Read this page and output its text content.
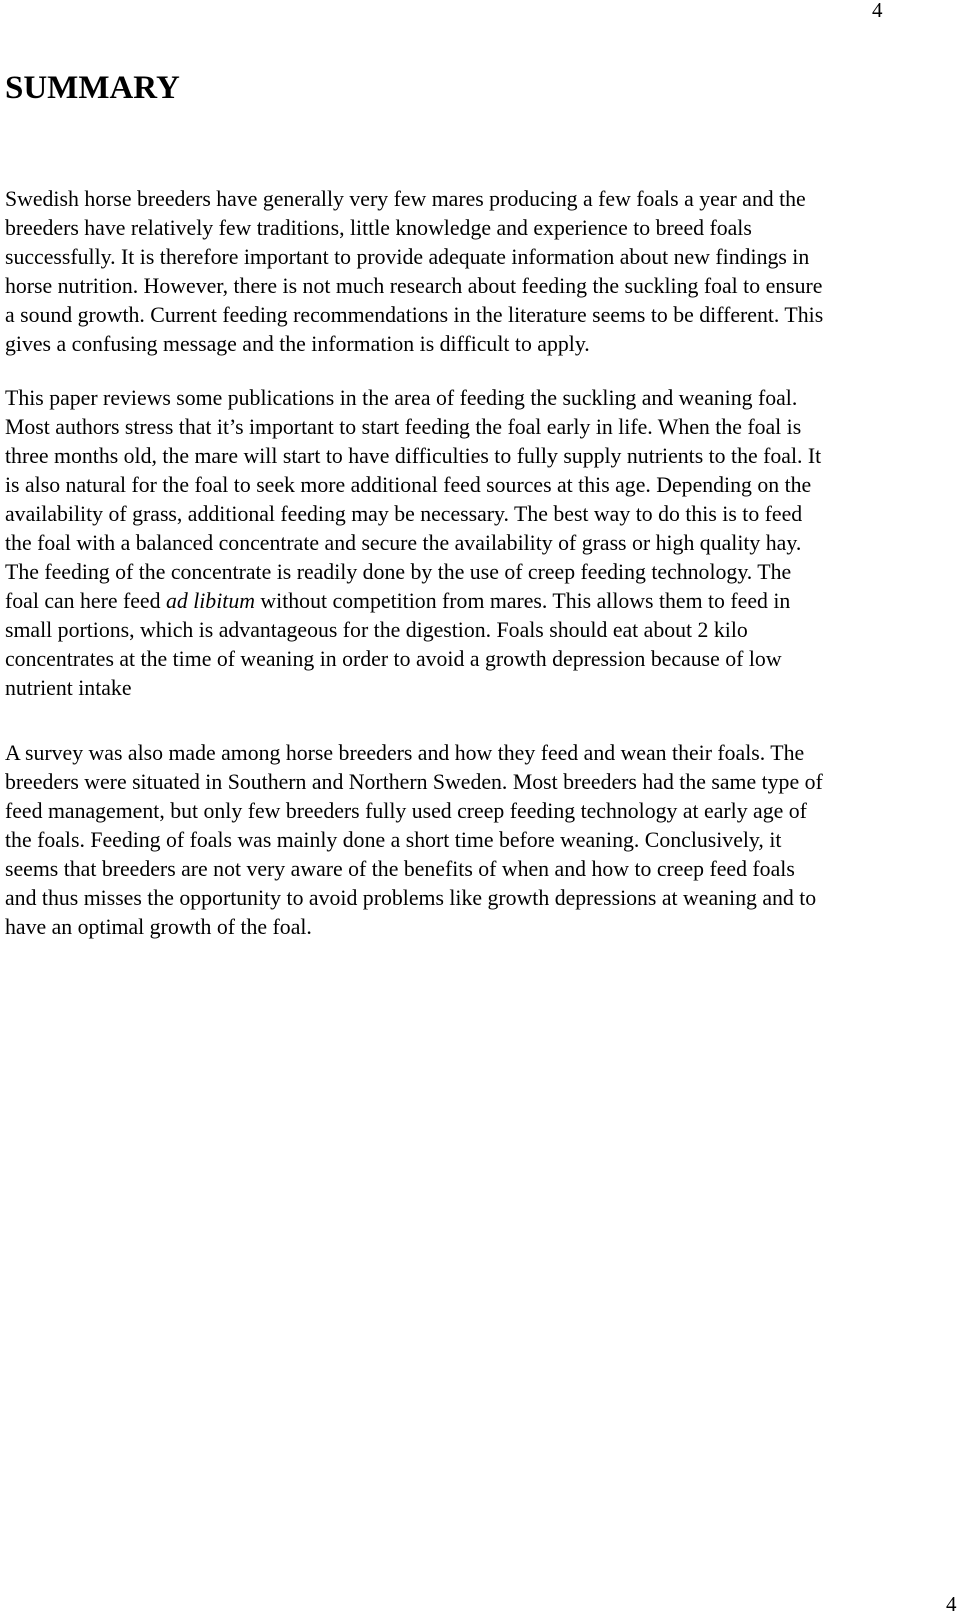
4
SUMMARY

Swedish horse breeders have generally very few mares producing a few foals a year and the
breeders have relatively few traditions, little knowledge and experience to breed foals
successfully. It is therefore important to provide adequate information about new findings in
horse nutrition. However, there is not much research about feeding the suckling foal to ensure
a sound growth. Current feeding recommendations in the literature seems to be different. This
gives a confusing message and the information is difficult to apply.

This paper reviews some publications in the area of feeding the suckling and weaning foal.
Most authors stress that it’s important to start feeding the foal early in life. When the foal is
three months old, the mare will start to have difficulties to fully supply nutrients to the foal. It
is also natural for the foal to seek more additional feed sources at this age. Depending on the
availability of grass, additional feeding may be necessary. The best way to do this is to feed
the foal with a balanced concentrate and secure the availability of grass or high quality hay.
The feeding of the concentrate is readily done by the use of creep feeding technology. The
foal can here feed ad libitum without competition from mares. This allows them to feed in
small portions, which is advantageous for the digestion. Foals should eat about 2 kilo
concentrates at the time of weaning in order to avoid a growth depression because of low
nutrient intake

A survey was also made among horse breeders and how they feed and wean their foals. The
breeders were situated in Southern and Northern Sweden. Most breeders had the same type of
feed management, but only few breeders fully used creep feeding technology at early age of
the foals. Feeding of foals was mainly done a short time before weaning. Conclusively, it
seems that breeders are not very aware of the benefits of when and how to creep feed foals
and thus misses the opportunity to avoid problems like growth depressions at weaning and to
have an optimal growth of the foal.

4
